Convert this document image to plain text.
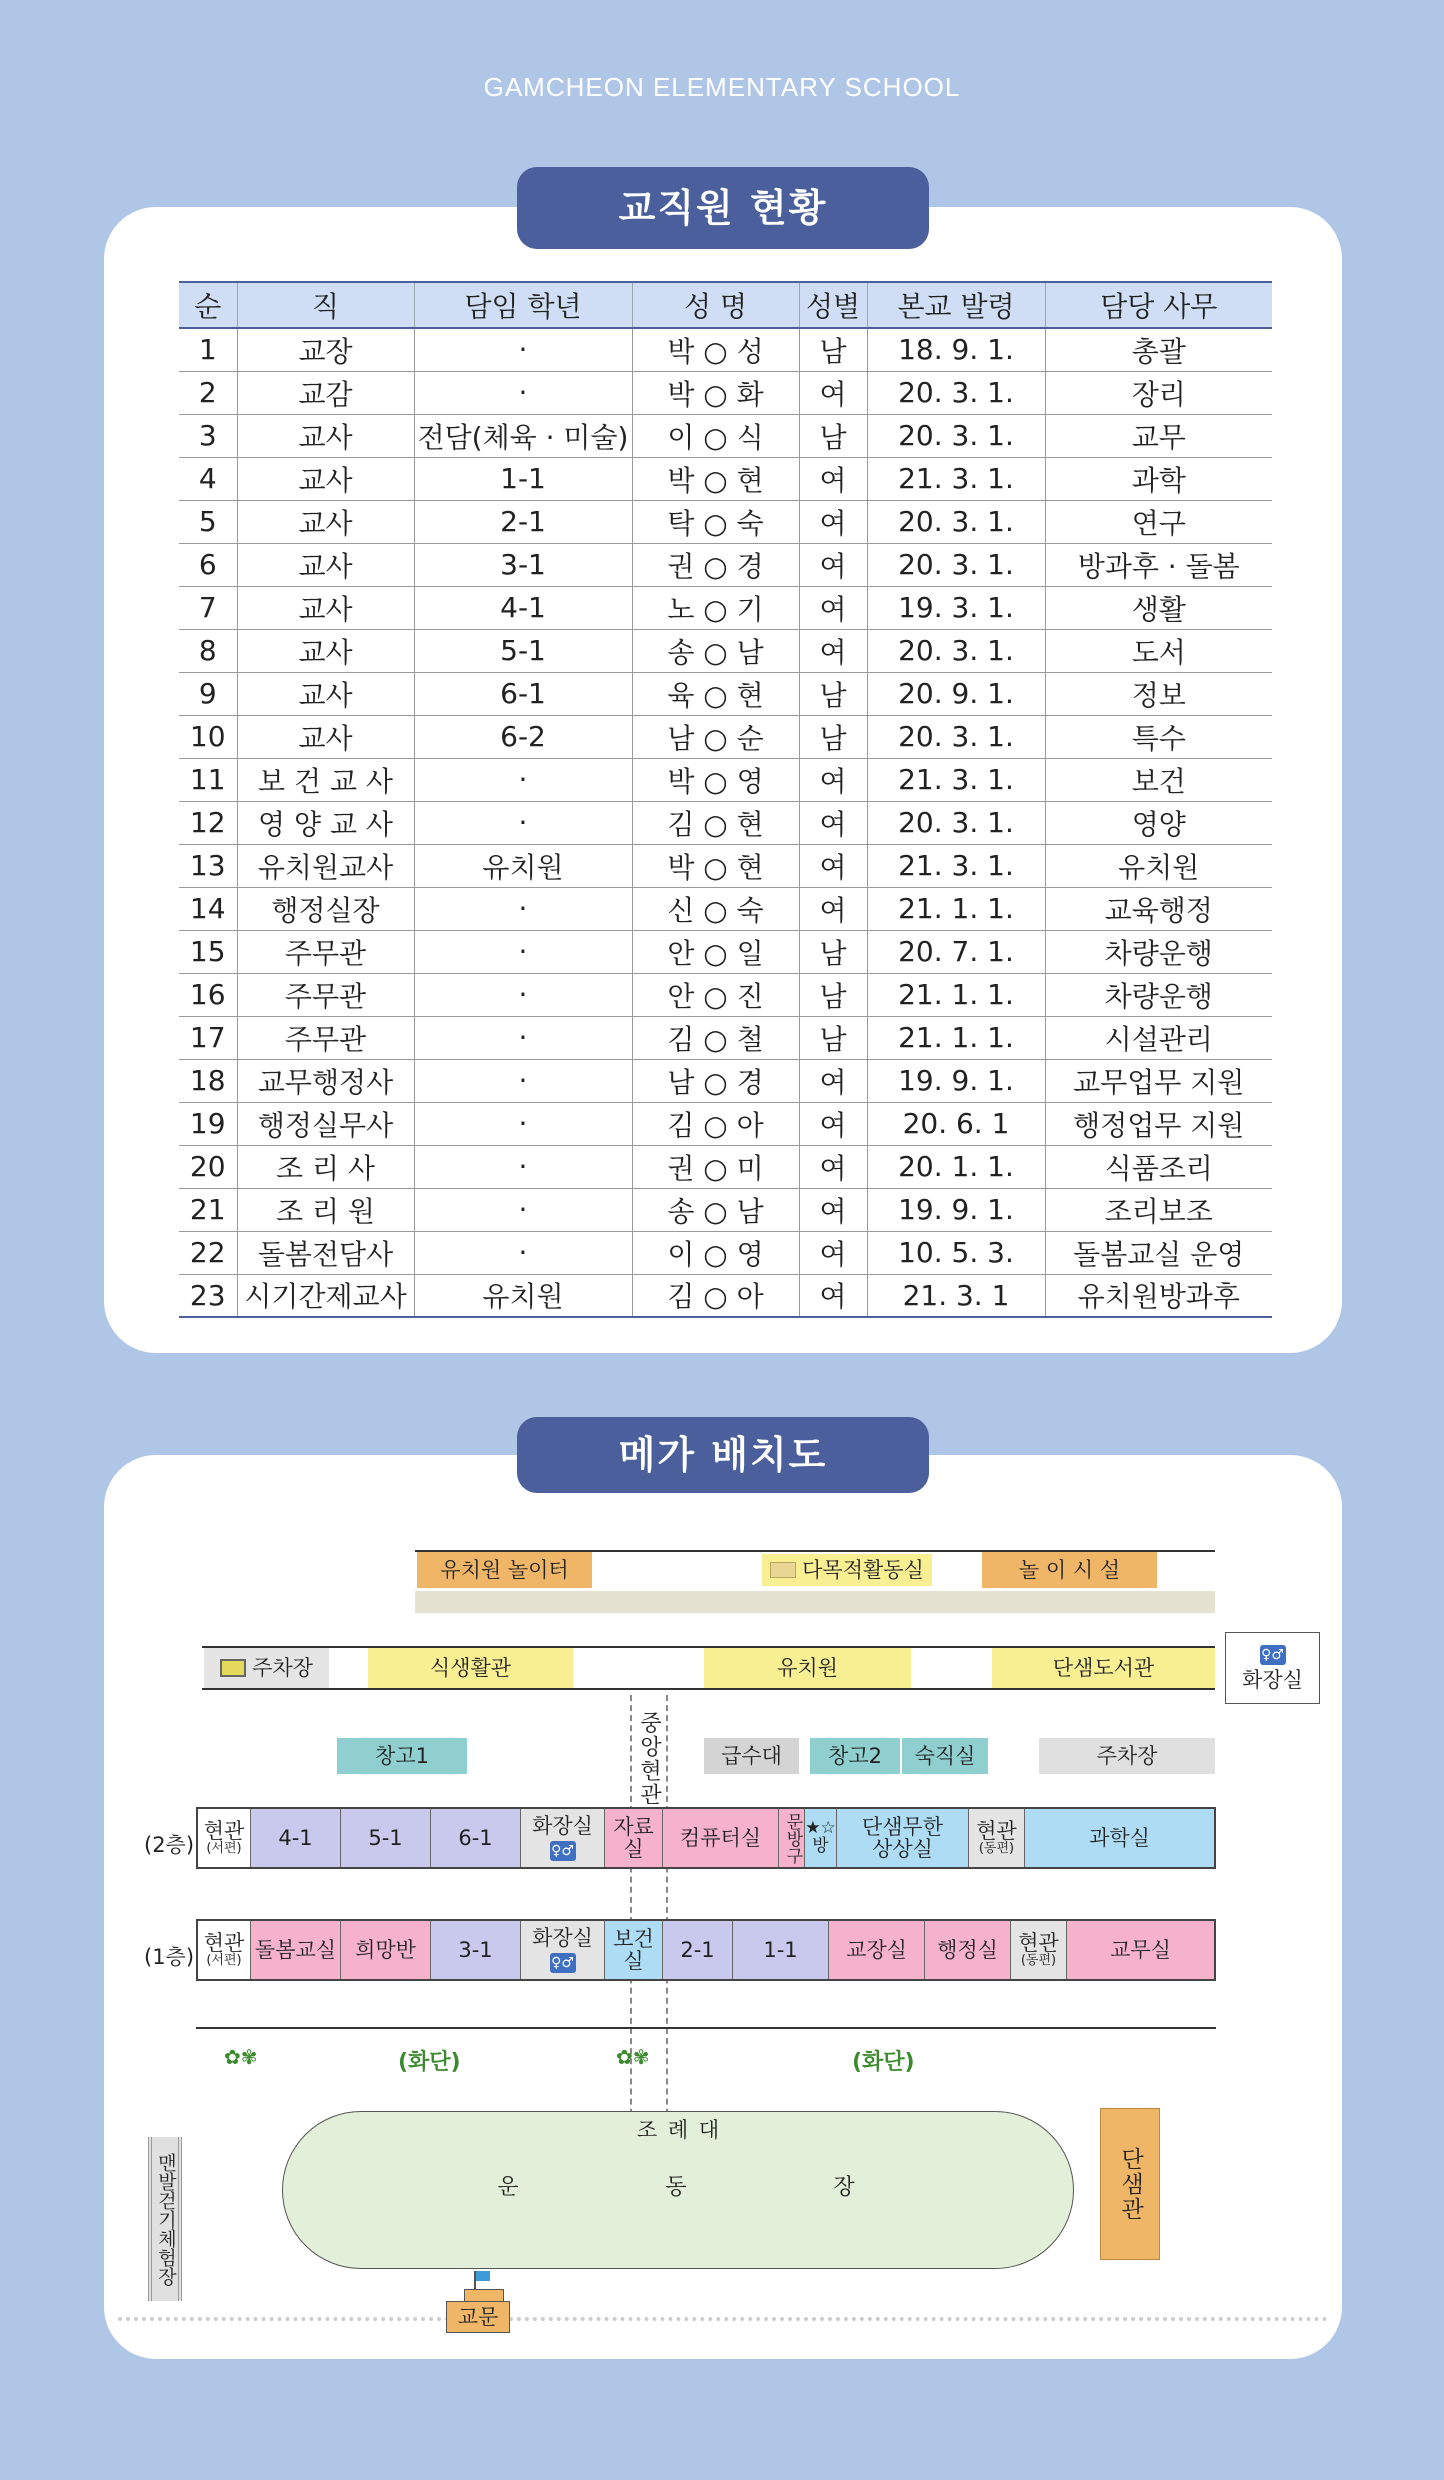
GAMCHEON ELEMENTARY SCHOOL
순	직	담임 학년	성 명	성별	본교 발령	담당 사무
1	교장	·	박 ○ 성	남	18. 9. 1.	총괄
2	교감	·	박 ○ 화	여	20. 3. 1.	장리
3	교사	전담(체육 · 미술)	이 ○ 식	남	20. 3. 1.	교무
4	교사	1-1	박 ○ 현	여	21. 3. 1.	과학
5	교사	2-1	탁 ○ 숙	여	20. 3. 1.	연구
6	교사	3-1	권 ○ 경	여	20. 3. 1.	방과후 · 돌봄
7	교사	4-1	노 ○ 기	여	19. 3. 1.	생활
8	교사	5-1	송 ○ 남	여	20. 3. 1.	도서
9	교사	6-1	육 ○ 현	남	20. 9. 1.	정보
10	교사	6-2	남 ○ 순	남	20. 3. 1.	특수
11	보 건 교 사	·	박 ○ 영	여	21. 3. 1.	보건
12	영 양 교 사	·	김 ○ 현	여	20. 3. 1.	영양
13	유치원교사	유치원	박 ○ 현	여	21. 3. 1.	유치원
14	행정실장	·	신 ○ 숙	여	21. 1. 1.	교육행정
15	주무관	·	안 ○ 일	남	20. 7. 1.	차량운행
16	주무관	·	안 ○ 진	남	21. 1. 1.	차량운행
17	주무관	·	김 ○ 철	남	21. 1. 1.	시설관리
18	교무행정사	·	남 ○ 경	여	19. 9. 1.	교무업무 지원
19	행정실무사	·	김 ○ 아	여	20. 6. 1	행정업무 지원
20	조 리 사	·	권 ○ 미	여	20. 1. 1.	식품조리
21	조 리 원	·	송 ○ 남	여	19. 9. 1.	조리보조
22	돌봄전담사	·	이 ○ 영	여	10. 5. 3.	돌봄교실 운영
23	시기간제교사	유치원	김 ○ 아	여	21. 3. 1	유치원방과후
교직원 현황
유치원 놀이터	다목적활동실	놀 이 시 설
주차장	식생활관	유치원	단샘도서관
♀♂
화장실
창고1	중앙현관	급수대	창고2	숙직실	주차장
(2층)
현관
(서편)	4-1	5-1	6-1	화장실
♀♂
자료실	컴퓨터실	문방구 ★☆
방
단샘무한
상상실
현관
(동편)	과학실
(1층)
현관
(서편) 돌봄교실 희망반	3-1	화장실
♀♂
보건실	2-1	1-1	교장실	행정실 현관
(동편)	교무실
✿✾	(화단)	✿✾	(화단)
조 례 대
운	동	장
맨발걷기체험장	단샘관
교문
메가 배치도
